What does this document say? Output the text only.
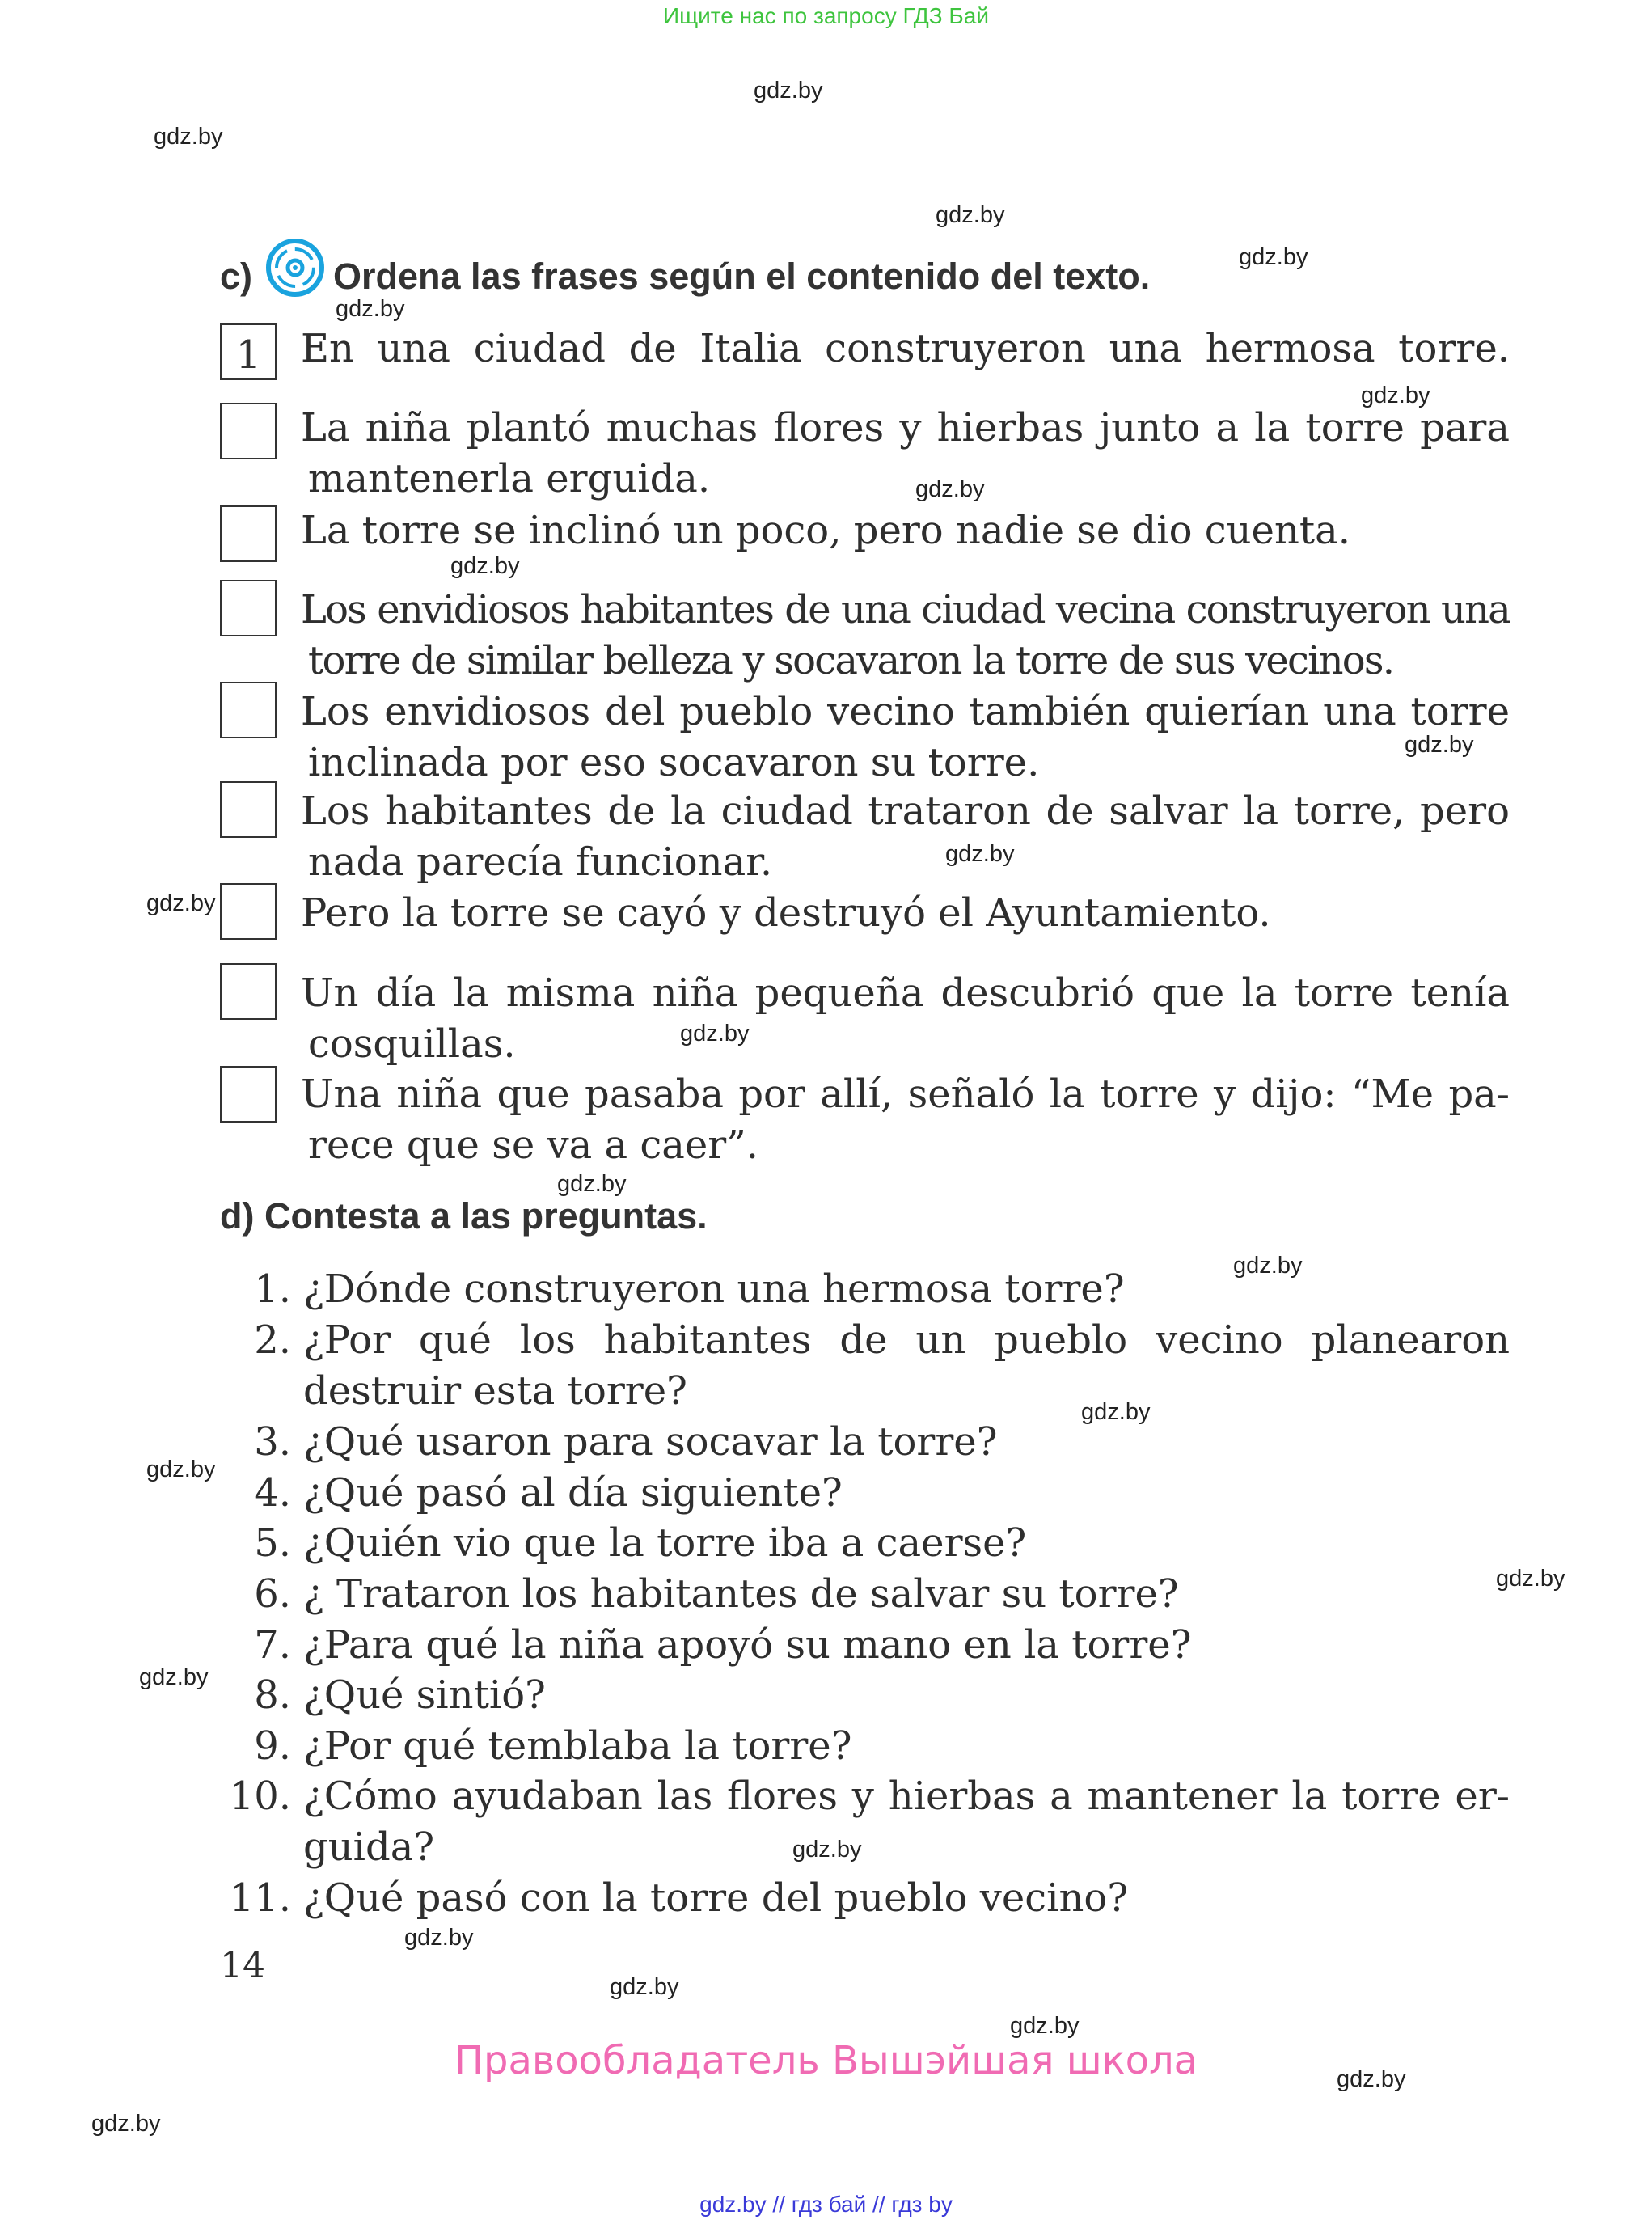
Ищите нас по запросу ГДЗ Бай
gdz.by
gdz.by
gdz.by
gdz.by
gdz.by
gdz.by
gdz.by
gdz.by
gdz.by
gdz.by
gdz.by
gdz.by
gdz.by
gdz.by
gdz.by
gdz.by
gdz.by
gdz.by
gdz.by
gdz.by
gdz.by
gdz.by
gdz.by
gdz.by
c) Ordena las frases según el contenido del texto.
1	En una ciudad de Italia construyeron una hermosa torre.
La niña plantó muchas flores y hierbas junto a la torre para
mantenerla erguida.
La torre se inclinó un poco, pero nadie se dio cuenta.
Los envidiosos habitantes de una ciudad vecina construyeron una
torre de similar belleza y socavaron la torre de sus vecinos.
Los envidiosos del pueblo vecino también quierían una torre
inclinada por eso socavaron su torre.
Los habitantes de la ciudad trataron de salvar la torre, pero
nada parecía funcionar.
Pero la torre se cayó y destruyó el Ayuntamiento.
Un día la misma niña pequeña descubrió que la torre tenía
cosquillas.
Una niña que pasaba por allí, señaló la torre y dijo: “Me pa-
rece que se va a caer”.
d) Contesta a las preguntas.
1. ¿Dónde construyeron una hermosa torre?
2. ¿Por qué los habitantes de un pueblo vecino planearon
destruir esta torre?
3. ¿Qué usaron para socavar la torre?
4. ¿Qué pasó al día siguiente?
5. ¿Quién vio que la torre iba a caerse?
6. ¿ Trataron los habitantes de salvar su torre?
7. ¿Para qué la niña apoyó su mano en la torre?
8. ¿Qué sintió?
9. ¿Por qué temblaba la torre?
10. ¿Cómo ayudaban las flores y hierbas a mantener la torre er-
guida?
11. ¿Qué pasó con la torre del pueblo vecino?
14
Правообладатель Вышэйшая школа
gdz.by // гдз бай // гдз by
